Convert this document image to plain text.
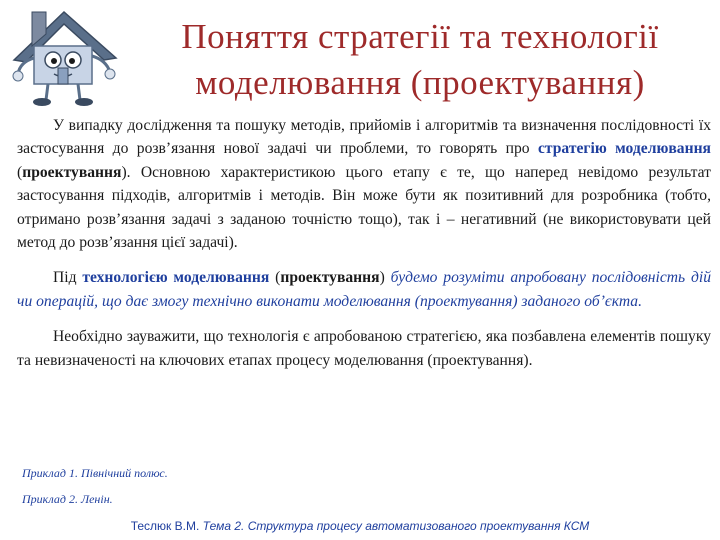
Поняття стратегії та технології
моделювання (проектування)

У випадку дослідження та пошуку методів, прийомів і алгоритмів та визначення послідовності їх застосування до розв’язання нової задачі чи проблеми, то говорять про стратегію моделювання (проектування). Основною характеристикою цього етапу є те, що наперед невідомо результат застосування підходів, алгоритмів і методів. Він може бути як позитивний для розробника (тобто, отримано розв’язання задачі з заданою точністю тощо), так і – негативний (не використовувати цей метод до розв’язання цієї задачі).

Під технологією моделювання (проектування) будемо розуміти апробовану послідовність дій чи операцій, що дає змогу технічно виконати моделювання (проектування) заданого об’єкта.

Необхідно зауважити, що технологія є апробованою стратегією, яка позбавлена елементів пошуку та невизначеності на ключових етапах процесу моделювання (проектування).

Приклад 1. Північний полюс.
Приклад 2. Ленін.
Теслюк В.М. Тема 2. Структура процесу автоматизованого проектування КСМ
